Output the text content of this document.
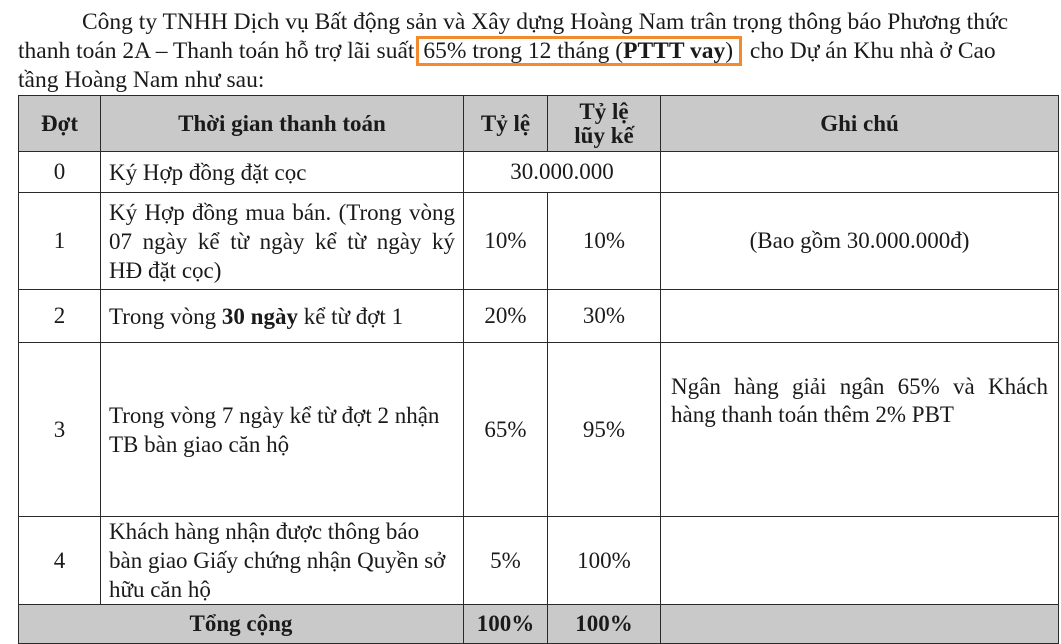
Công ty TNHH Dịch vụ Bất động sản và Xây dựng Hoàng Nam trân trọng thông báo Phương thức
thanh toán 2A – Thanh toán hỗ trợ lãi suất 65% trong 12 tháng (PTTT vay) cho Dự án Khu nhà ở Cao
tầng Hoàng Nam như sau:
Đợt	Thời gian thanh toán	Tỷ lệ	Tỷ lệ lũy kế	Ghi chú
0	Ký Hợp đồng đặt cọc	30.000.000		
1	Ký Hợp đồng mua bán. (Trong vòng 07 ngày kể từ ngày kể từ ngày ký HĐ đặt cọc)	10%	10%	(Bao gồm 30.000.000đ)
2	Trong vòng 30 ngày kể từ đợt 1	20%	30%	
3	Trong vòng 7 ngày kể từ đợt 2 nhận TB bàn giao căn hộ	65%	95%	Ngân hàng giải ngân 65% và Khách hàng thanh toán thêm 2% PBT
4	Khách hàng nhận được thông báo bàn giao Giấy chứng nhận Quyền sở hữu căn hộ	5%	100%	
Tổng cộng		100%	100%	
